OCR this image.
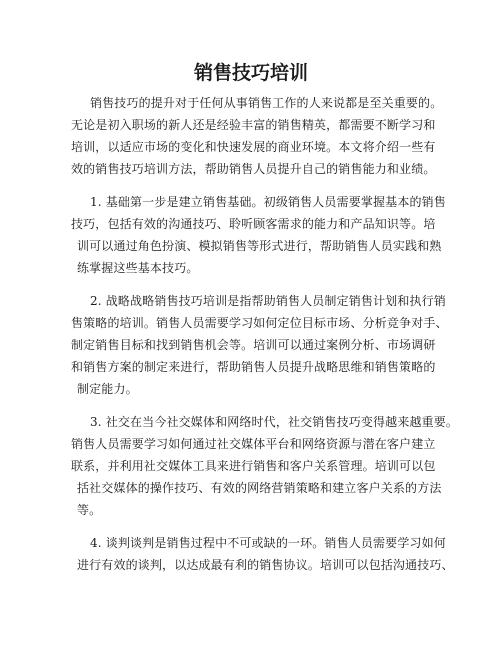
销售技巧培训
销售技巧的提升对于任何从事销售工作的人来说都是至关重要的。
无论是初入职场的新人还是经验丰富的销售精英，都需要不断学习和
培训，以适应市场的变化和快速发展的商业环境。本文将介绍一些有
效的销售技巧培训方法，帮助销售人员提升自己的销售能力和业绩。
1. 基础第一步是建立销售基础。初级销售人员需要掌握基本的销售
技巧，包括有效的沟通技巧、聆听顾客需求的能力和产品知识等。培
训可以通过角色扮演、模拟销售等形式进行，帮助销售人员实践和熟
练掌握这些基本技巧。
2. 战略战略销售技巧培训是指帮助销售人员制定销售计划和执行销
售策略的培训。销售人员需要学习如何定位目标市场、分析竞争对手、
制定销售目标和找到销售机会等。培训可以通过案例分析、市场调研
和销售方案的制定来进行，帮助销售人员提升战略思维和销售策略的
制定能力。
3. 社交在当今社交媒体和网络时代，社交销售技巧变得越来越重要。
销售人员需要学习如何通过社交媒体平台和网络资源与潜在客户建立
联系，并利用社交媒体工具来进行销售和客户关系管理。培训可以包
括社交媒体的操作技巧、有效的网络营销策略和建立客户关系的方法
等。
4. 谈判谈判是销售过程中不可或缺的一环。销售人员需要学习如何
进行有效的谈判，以达成最有利的销售协议。培训可以包括沟通技巧、
